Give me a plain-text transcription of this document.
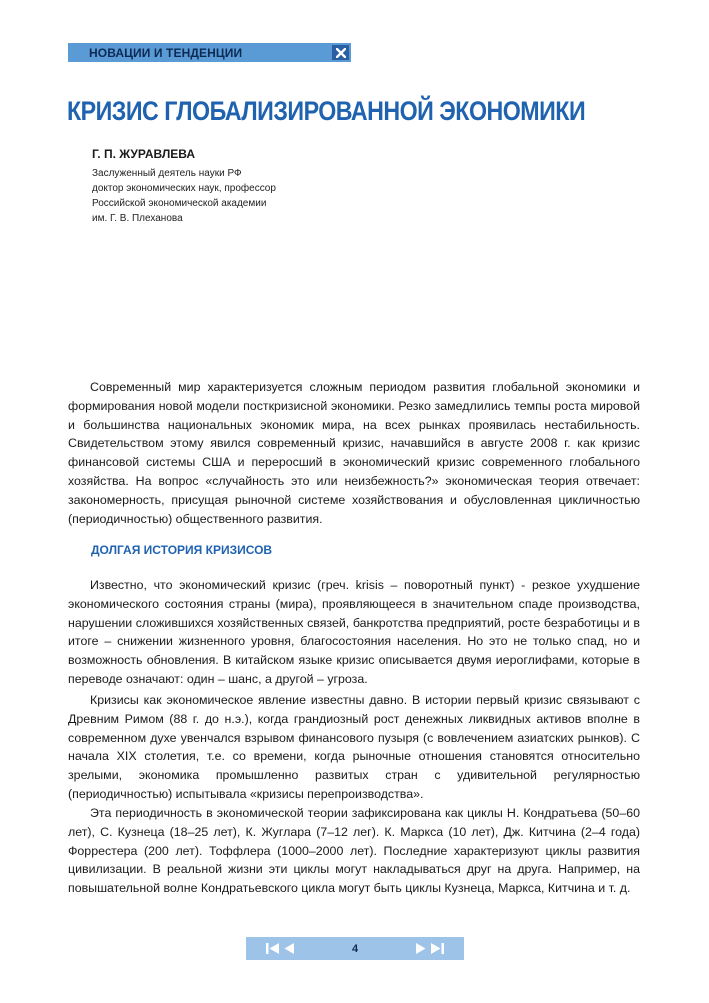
НОВАЦИИ И ТЕНДЕНЦИИ
КРИЗИС ГЛОБАЛИЗИРОВАННОЙ ЭКОНОМИКИ
Г. П. ЖУРАВЛЕВА
Заслуженный деятель науки РФ
доктор экономических наук, профессор
Российской экономической академии
им. Г. В. Плеханова

Современный мир характеризуется сложным периодом развития глобальной экономики и формирования новой модели посткризисной экономики. Резко замедлились темпы роста мировой и большинства национальных экономик мира, на всех рынках проявилась нестабильность. Свидетельством этому явился современный кризис, начавшийся в августе 2008 г. как кризис финансовой системы США и переросший в экономический кризис современного глобального хозяйства. На вопрос «случайность это или неизбежность?» экономическая теория отвечает: закономерность, присущая рыночной системе хозяйствования и обусловленная цикличностью (периодичностью) общественного развития.

ДОЛГАЯ ИСТОРИЯ КРИЗИСОВ

Известно, что экономический кризис (греч. krisis – поворотный пункт) - резкое ухудшение экономического состояния страны (мира), проявляющееся в значительном спаде производства, нарушении сложившихся хозяйственных связей, банкротства предприятий, росте безработицы и в итоге – снижении жизненного уровня, благосостояния населения. Но это не только спад, но и возможность обновления. В китайском языке кризис описывается двумя иероглифами, которые в переводе означают: один – шанс, а другой – угроза.

Кризисы как экономическое явление известны давно. В истории первый кризис связывают с Древним Римом (88 г. до н.э.), когда грандиозный рост денежных ликвидных активов вполне в современном духе увенчался взрывом финансового пузыря (с вовлечением азиатских рынков). С начала XIX столетия, т.е. со времени, когда рыночные отношения становятся относительно зрелыми, экономика промышленно развитых стран с удивительной регулярностью (периодичностью) испытывала «кризисы перепроизводства».

Эта периодичность в экономической теории зафиксирована как циклы Н. Кондратьева (50–60 лет), С. Кузнеца (18–25 лет), К. Жуглара (7–12 лег). К. Маркса (10 лет), Дж. Китчина (2–4 года) Форрестера (200 лет). Тоффлера (1000–2000 лет). Последние характеризуют циклы развития цивилизации. В реальной жизни эти циклы могут накладываться друг на друга. Например, на повышательной волне Кондратьевского цикла могут быть циклы Кузнеца, Маркса, Китчина и т. д.

4
